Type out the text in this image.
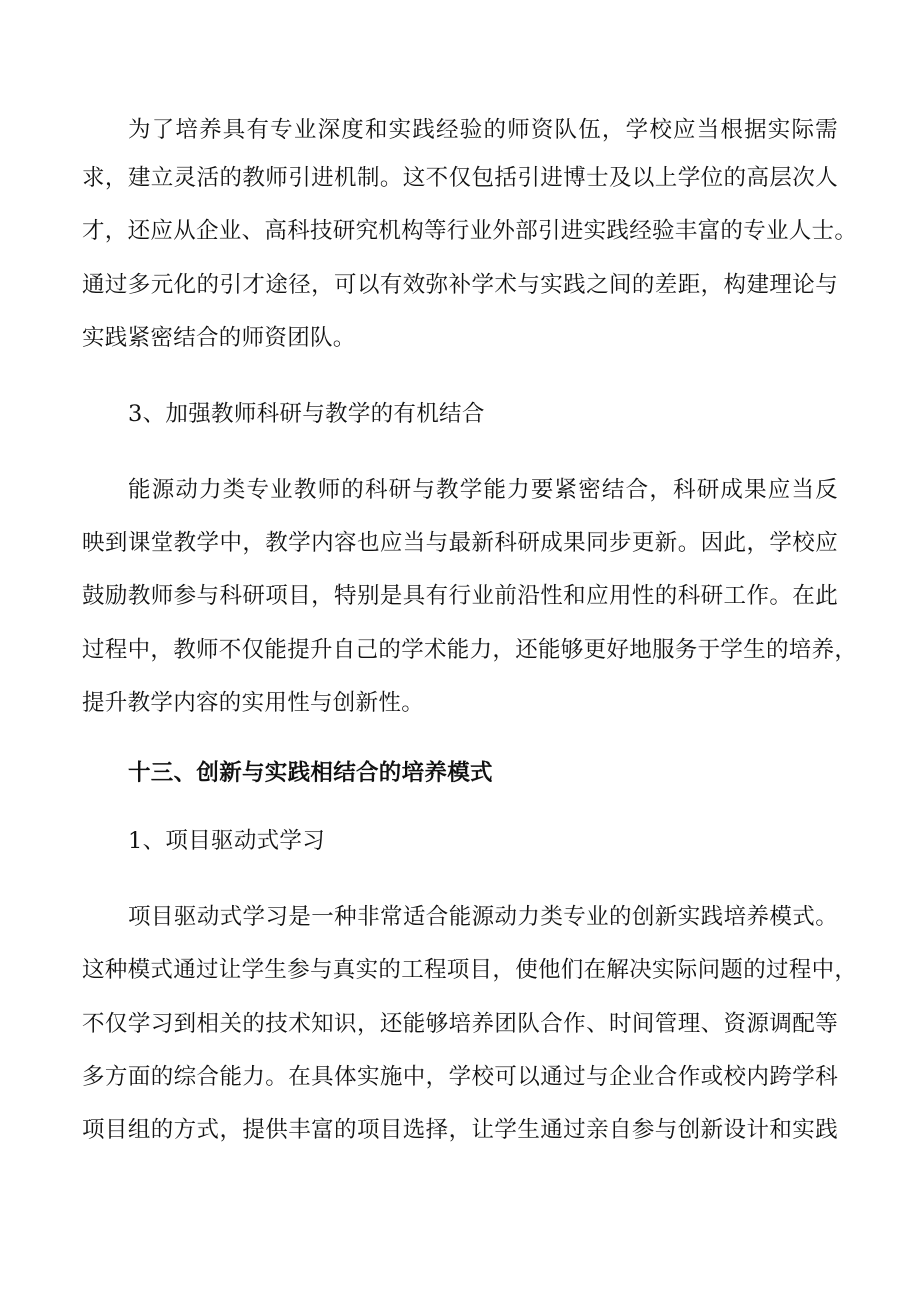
为了培养具有专业深度和实践经验的师资队伍，学校应当根据实际需
求，建立灵活的教师引进机制。这不仅包括引进博士及以上学位的高层次人
才，还应从企业、高科技研究机构等行业外部引进实践经验丰富的专业人士。
通过多元化的引才途径，可以有效弥补学术与实践之间的差距，构建理论与
实践紧密结合的师资团队。
3、加强教师科研与教学的有机结合
能源动力类专业教师的科研与教学能力要紧密结合，科研成果应当反
映到课堂教学中，教学内容也应当与最新科研成果同步更新。因此，学校应
鼓励教师参与科研项目，特别是具有行业前沿性和应用性的科研工作。在此
过程中，教师不仅能提升自己的学术能力，还能够更好地服务于学生的培养，
提升教学内容的实用性与创新性。
十三、创新与实践相结合的培养模式
1、项目驱动式学习
项目驱动式学习是一种非常适合能源动力类专业的创新实践培养模式。
这种模式通过让学生参与真实的工程项目，使他们在解决实际问题的过程中，
不仅学习到相关的技术知识，还能够培养团队合作、时间管理、资源调配等
多方面的综合能力。在具体实施中，学校可以通过与企业合作或校内跨学科
项目组的方式，提供丰富的项目选择，让学生通过亲自参与创新设计和实践
